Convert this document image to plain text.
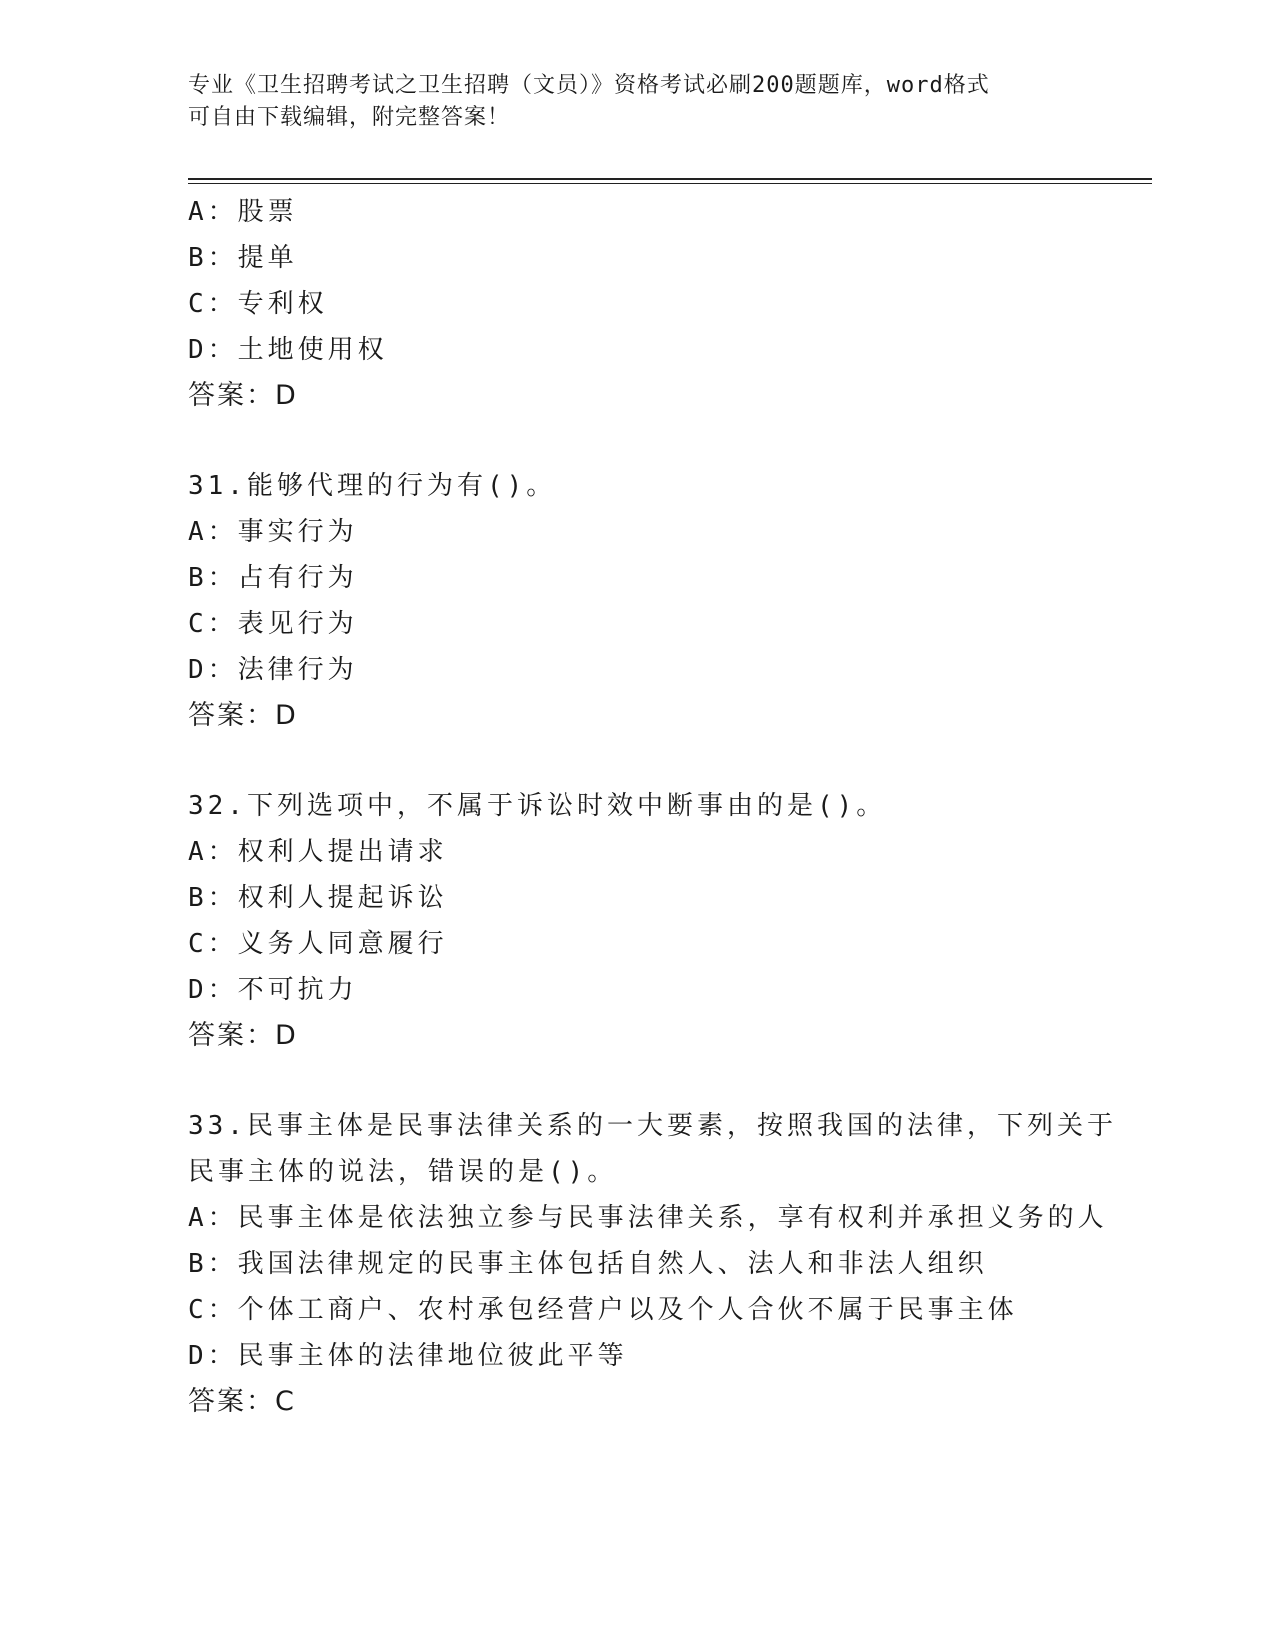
专业《卫生招聘考试之卫生招聘（文员）》资格考试必刷200题题库，word格式
可自由下载编辑，附完整答案！
A：股票
B：提单
C：专利权
D：土地使用权
答案：D
31.能够代理的行为有()。
A：事实行为
B：占有行为
C：表见行为
D：法律行为
答案：D
32.下列选项中，不属于诉讼时效中断事由的是()。
A：权利人提出请求
B：权利人提起诉讼
C：义务人同意履行
D：不可抗力
答案：D
33.民事主体是民事法律关系的一大要素，按照我国的法律，下列关于
民事主体的说法，错误的是()。
A：民事主体是依法独立参与民事法律关系，享有权利并承担义务的人
B：我国法律规定的民事主体包括自然人、法人和非法人组织
C：个体工商户、农村承包经营户以及个人合伙不属于民事主体
D：民事主体的法律地位彼此平等
答案：C
